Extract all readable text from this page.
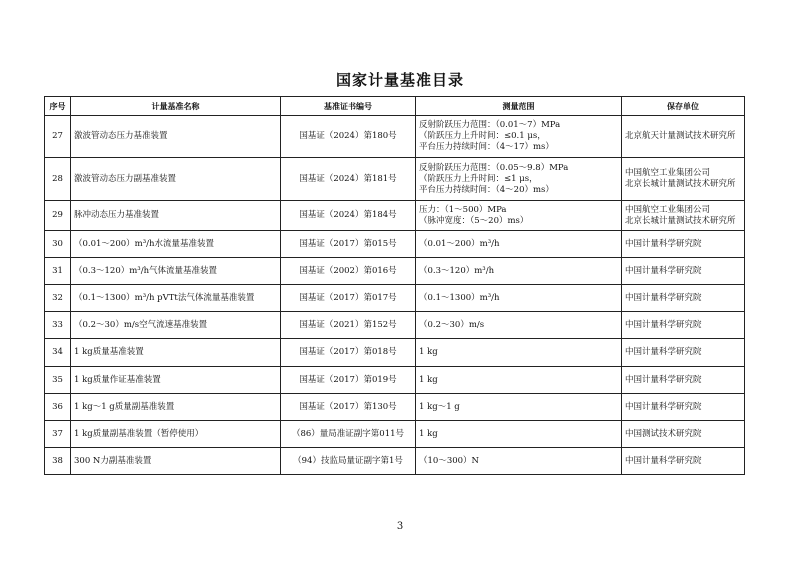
国家计量基准目录
序号	计量基准名称	基准证书编号	测量范围	保存单位
27	激波管动态压力基准装置	国基证（2024）第180号	反射阶跃压力范围：（0.01～7）MPa
（阶跃压力上升时间：≤0.1 μs，
平台压力持续时间：（4～17）ms）	北京航天计量测试技术研究所
28	激波管动态压力副基准装置	国基证（2024）第181号	反射阶跃压力范围：（0.05～9.8）MPa
（阶跃压力上升时间：≤1 μs，
平台压力持续时间：（4～20）ms）	中国航空工业集团公司
北京长城计量测试技术研究所
29	脉冲动态压力基准装置	国基证（2024）第184号	压力：（1～500）MPa
（脉冲宽度：（5～20）ms）	中国航空工业集团公司
北京长城计量测试技术研究所
30	（0.01～200）m³/h水流量基准装置	国基证（2017）第015号	（0.01～200）m³/h	中国计量科学研究院
31	（0.3～120）m³/h气体流量基准装置	国基证（2002）第016号	（0.3～120）m³/h	中国计量科学研究院
32	（0.1～1300）m³/h pVTt法气体流量基准装置	国基证（2017）第017号	（0.1～1300）m³/h	中国计量科学研究院
33	（0.2～30）m/s空气流速基准装置	国基证（2021）第152号	（0.2～30）m/s	中国计量科学研究院
34	1 kg质量基准装置	国基证（2017）第018号	1 kg	中国计量科学研究院
35	1 kg质量作证基准装置	国基证（2017）第019号	1 kg	中国计量科学研究院
36	1 kg～1 g质量副基准装置	国基证（2017）第130号	1 kg～1 g	中国计量科学研究院
37	1 kg质量副基准装置（暂停使用）	（86）量局准证副字第011号	1 kg	中国测试技术研究院
38	300 N力副基准装置	（94）技监局量证副字第1号	（10～300）N	中国计量科学研究院
3
